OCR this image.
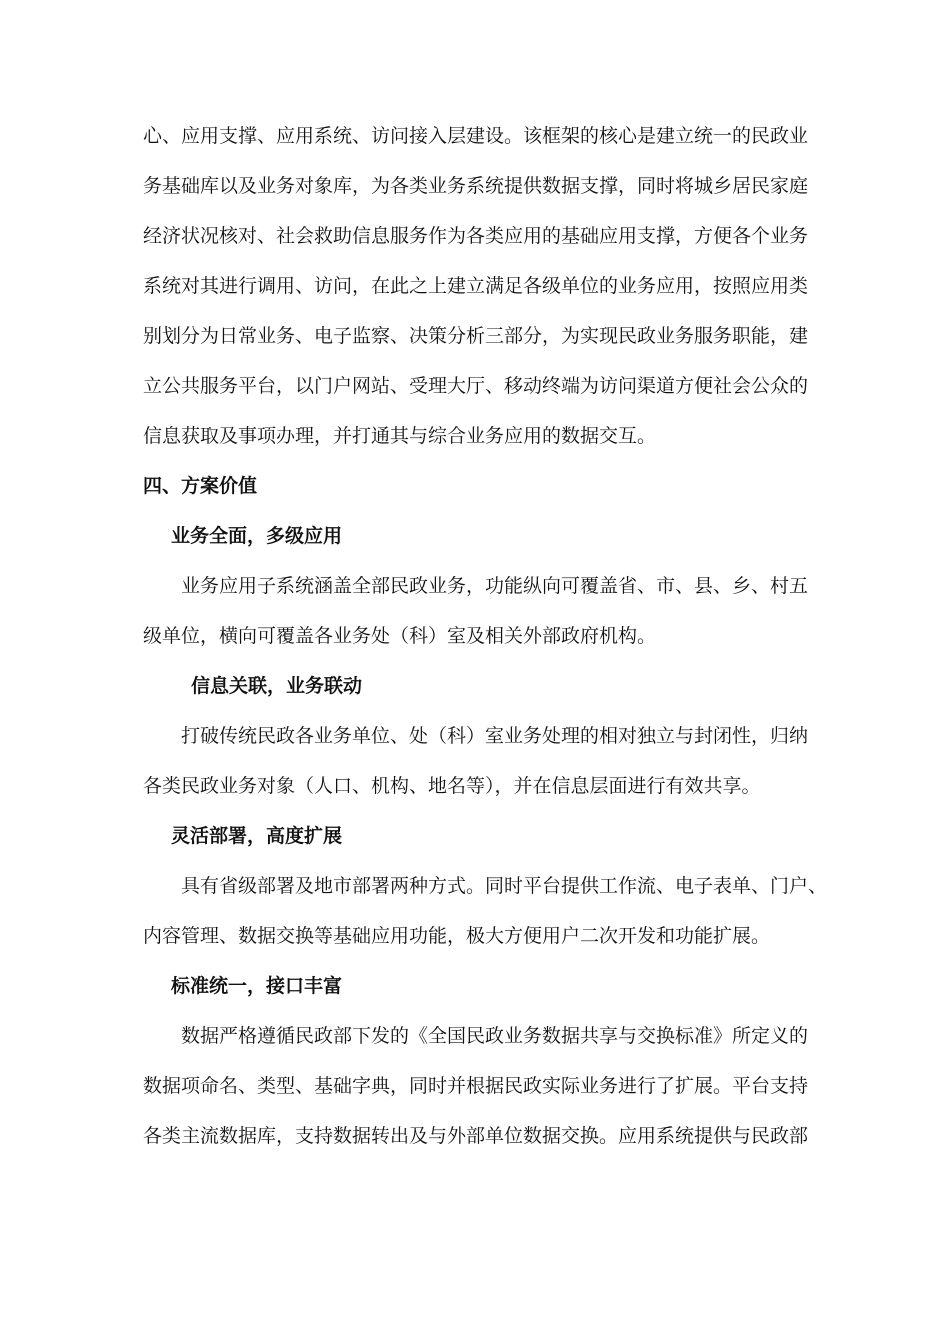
心、应用支撑、应用系统、访问接入层建设。该框架的核心是建立统一的民政业
务基础库以及业务对象库，为各类业务系统提供数据支撑，同时将城乡居民家庭
经济状况核对、社会救助信息服务作为各类应用的基础应用支撑，方便各个业务
系统对其进行调用、访问，在此之上建立满足各级单位的业务应用，按照应用类
别划分为日常业务、电子监察、决策分析三部分，为实现民政业务服务职能，建
立公共服务平台，以门户网站、受理大厅、移动终端为访问渠道方便社会公众的
信息获取及事项办理，并打通其与综合业务应用的数据交互。
四、方案价值
业务全面，多级应用
业务应用子系统涵盖全部民政业务，功能纵向可覆盖省、市、县、乡、村五
级单位，横向可覆盖各业务处（科）室及相关外部政府机构。
信息关联，业务联动
打破传统民政各业务单位、处（科）室业务处理的相对独立与封闭性，归纳
各类民政业务对象（人口、机构、地名等），并在信息层面进行有效共享。
灵活部署，高度扩展
具有省级部署及地市部署两种方式。同时平台提供工作流、电子表单、门户、
内容管理、数据交换等基础应用功能，极大方便用户二次开发和功能扩展。
标准统一，接口丰富
数据严格遵循民政部下发的《全国民政业务数据共享与交换标准》所定义的
数据项命名、类型、基础字典，同时并根据民政实际业务进行了扩展。平台支持
各类主流数据库，支持数据转出及与外部单位数据交换。应用系统提供与民政部
